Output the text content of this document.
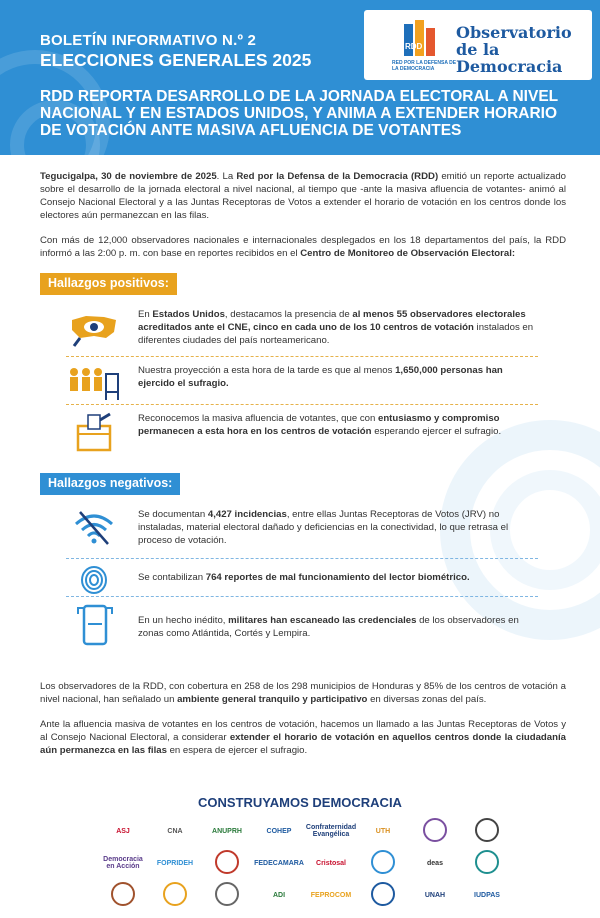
BOLETÍN INFORMATIVO N.º 2
ELECCIONES GENERALES 2025
RDD
RED POR LA DEFENSA DE LA DEMOCRACIA
Observatorio
de la Democracia
RDD REPORTA DESARROLLO DE LA JORNADA ELECTORAL A NIVEL NACIONAL Y EN ESTADOS UNIDOS, Y ANIMA A EXTENDER HORARIO DE VOTACIÓN ANTE MASIVA AFLUENCIA DE VOTANTES

Tegucigalpa, 30 de noviembre de 2025. La Red por la Defensa de la Democracia (RDD) emitió un reporte actualizado sobre el desarrollo de la jornada electoral a nivel nacional, al tiempo que -ante la masiva afluencia de votantes- animó al Consejo Nacional Electoral y a las Juntas Receptoras de Votos a extender el horario de votación en los centros donde los electores aún permanezcan en las filas.

Con más de 12,000 observadores nacionales e internacionales desplegados en los 18 departamentos del país, la RDD informó a las 2:00 p. m. con base en reportes recibidos en el Centro de Monitoreo de Observación Electoral:

Hallazgos positivos:
En Estados Unidos, destacamos la presencia de al menos 55 observadores electorales acreditados ante el CNE, cinco en cada uno de los 10 centros de votación instalados en diferentes ciudades del país norteamericano.
Nuestra proyección a esta hora de la tarde es que al menos 1,650,000 personas han ejercido el sufragio.
Reconocemos la masiva afluencia de votantes, que con entusiasmo y compromiso permanecen a esta hora en los centros de votación esperando ejercer el sufragio.
Hallazgos negativos:
Se documentan 4,427 incidencias, entre ellas Juntas Receptoras de Votos (JRV) no instaladas, material electoral dañado y deficiencias en la conectividad, lo que retrasa el proceso de votación.
Se contabilizan 764 reportes de mal funcionamiento del lector biométrico.
En un hecho inédito, militares han escaneado las credenciales de los observadores en zonas como Atlántida, Cortés y Lempira.

Los observadores de la RDD, con cobertura en 258 de los 298 municipios de Honduras y 85% de los centros de votación a nivel nacional, han señalado un ambiente general tranquilo y participativo en diversas zonas del país.

Ante la afluencia masiva de votantes en los centros de votación, hacemos un llamado a las Juntas Receptoras de Votos y al Consejo Nacional Electoral, a considerar extender el horario de votación en aquellos centros donde la ciudadanía aún permanezca en las filas en espera de ejercer el sufragio.

CONSTRUYAMOS DEMOCRACIA
ASJ	CNA	ANUPRH	COHEP	Confraternidad Evangélica	UTH
Democracia en Acción	FOPRIDEH	FEDECAMARA	Cristosal	deas
ADI	FEPROCOM	UNAH	IUDPAS
